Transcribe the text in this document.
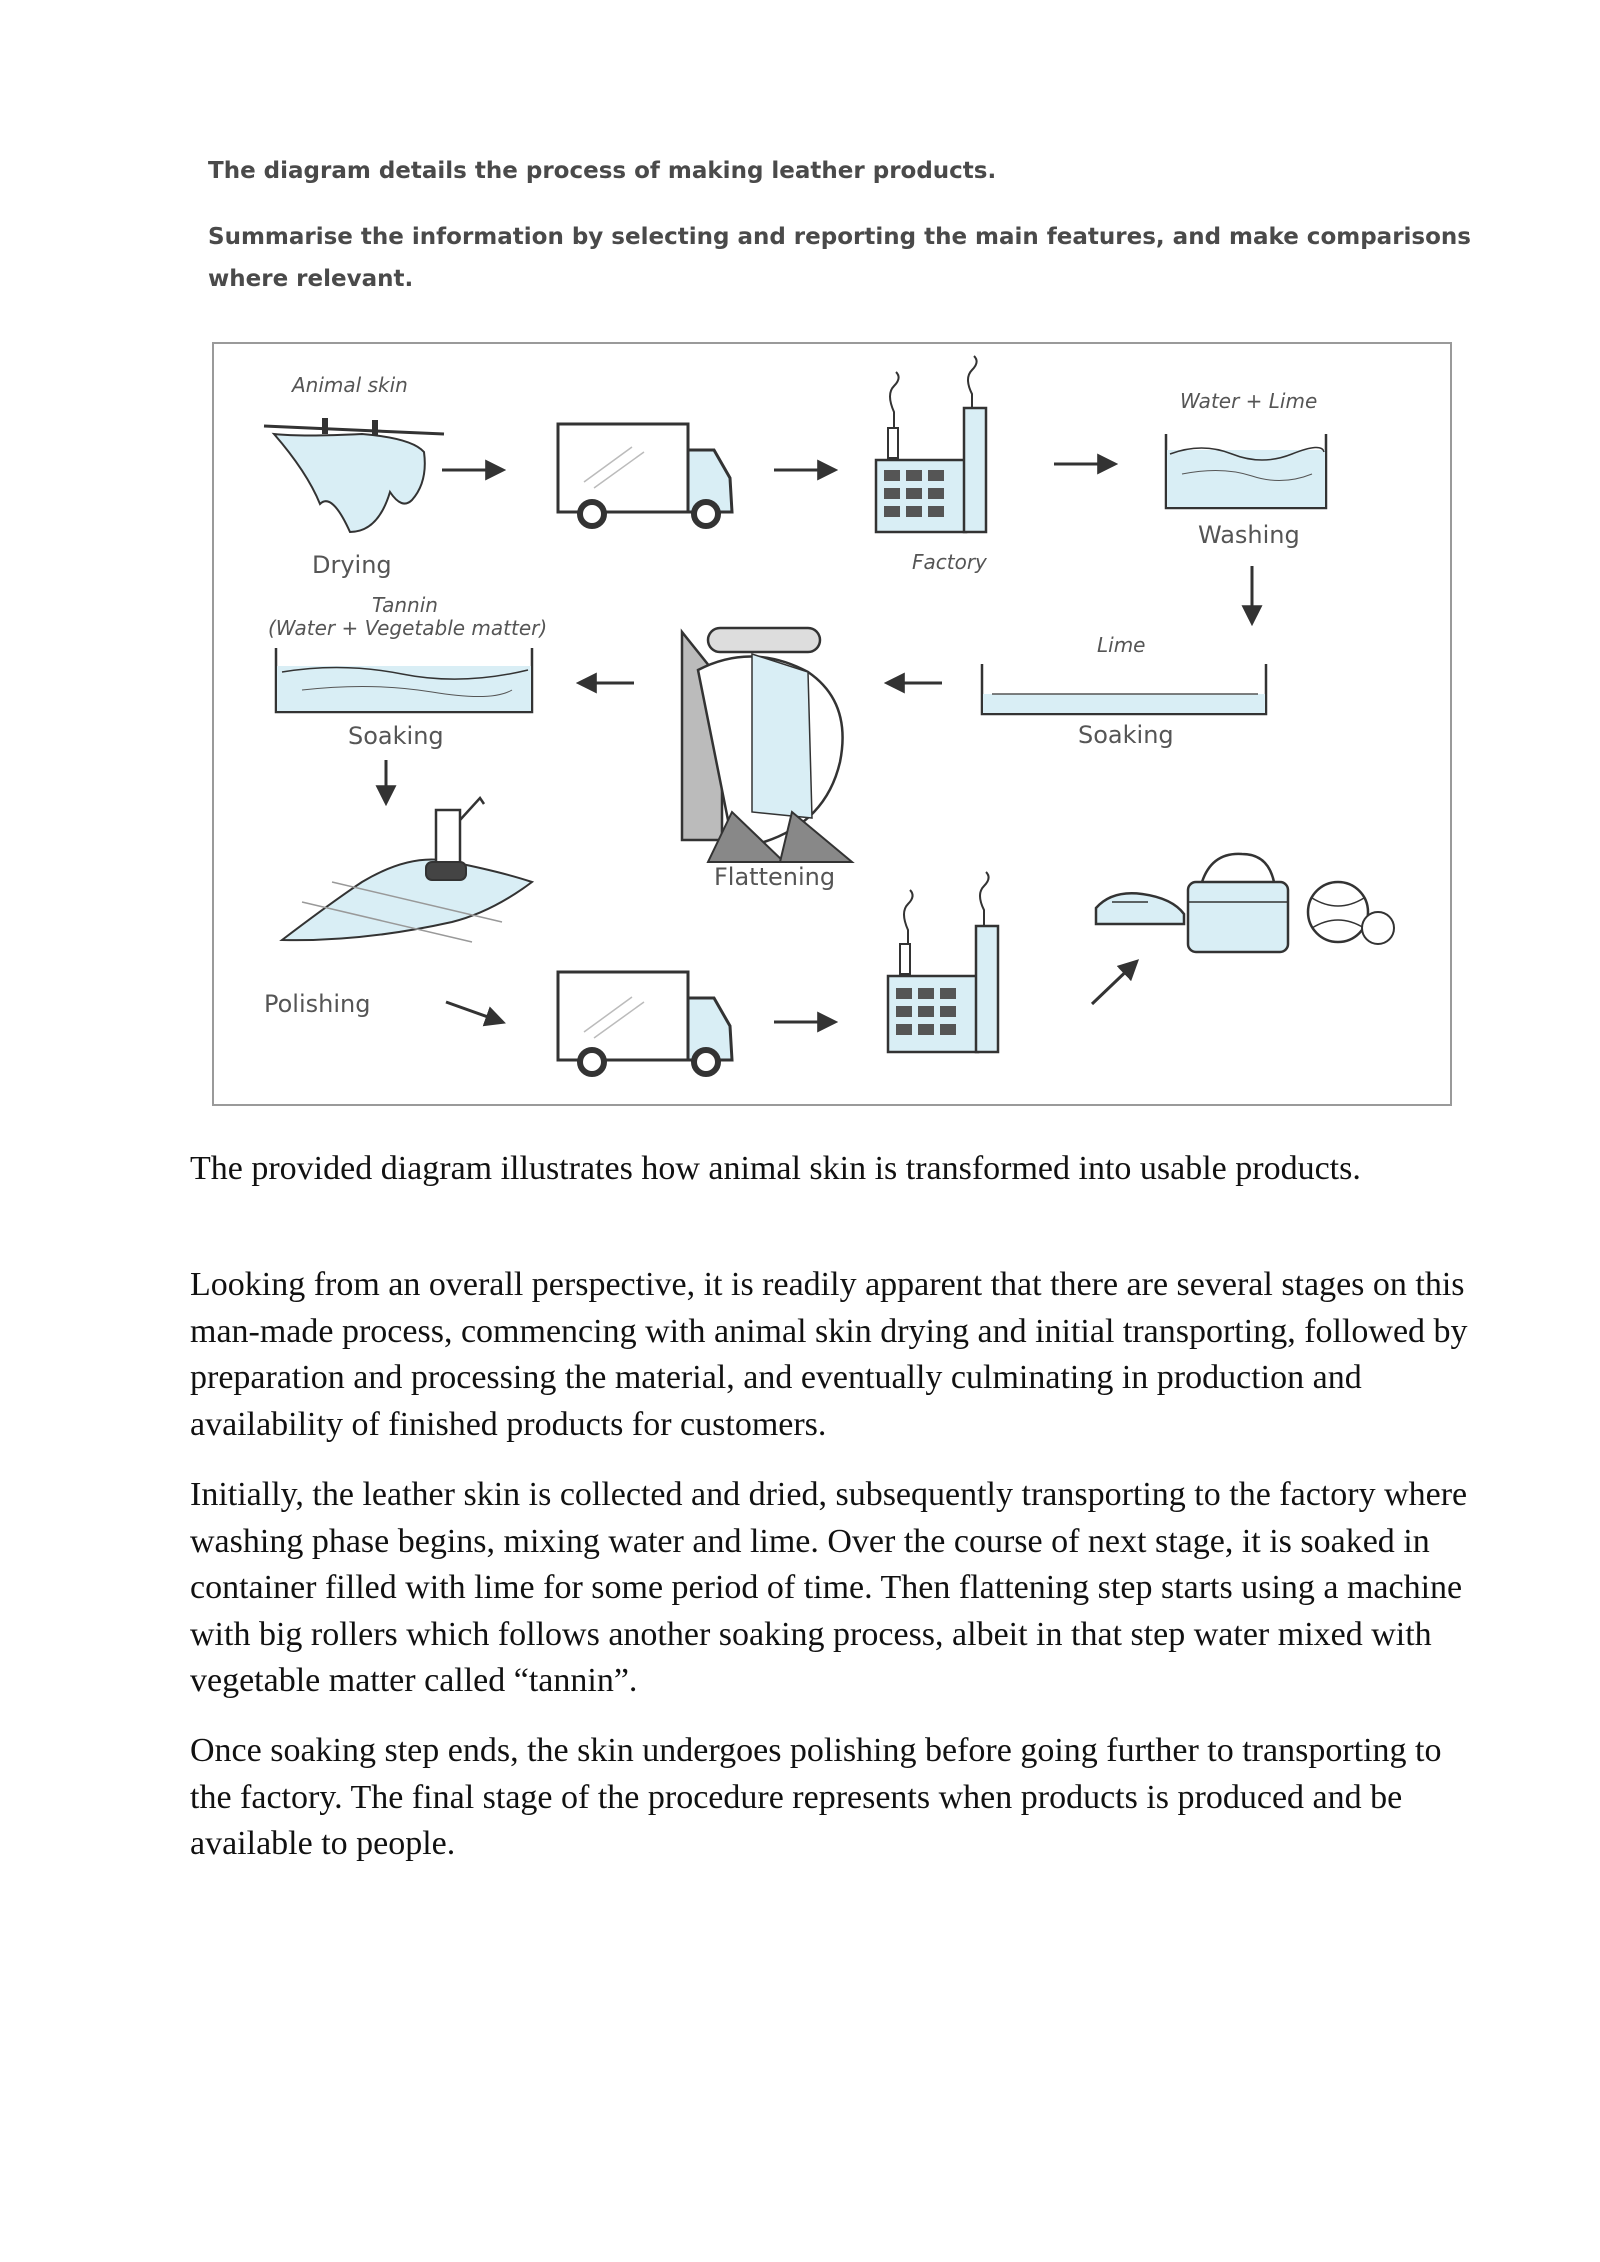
The diagram details the process of making leather products.

Summarise the information by selecting and reporting the main features, and make comparisons where relevant.

Animal skin
Drying	Factory
Water + Lime
Washing
Lime
Soaking
Flattening
Tannin
(Water + Vegetable matter)
Soaking
Polishing

The provided diagram illustrates how animal skin is transformed into usable products.

Looking from an overall perspective, it is readily apparent that there are several stages on this man-made process, commencing with animal skin drying and initial transporting, followed by preparation and processing the material, and eventually culminating in production and availability of finished products for customers.

Initially, the leather skin is collected and dried, subsequently transporting to the factory where washing phase begins, mixing water and lime. Over the course of next stage, it is soaked in container filled with lime for some period of time. Then flattening step starts using a machine with big rollers which follows another soaking process, albeit in that step water mixed with vegetable matter called “tannin”.

Once soaking step ends, the skin undergoes polishing before going further to transporting to the factory. The final stage of the procedure represents when products is produced and be available to people.
